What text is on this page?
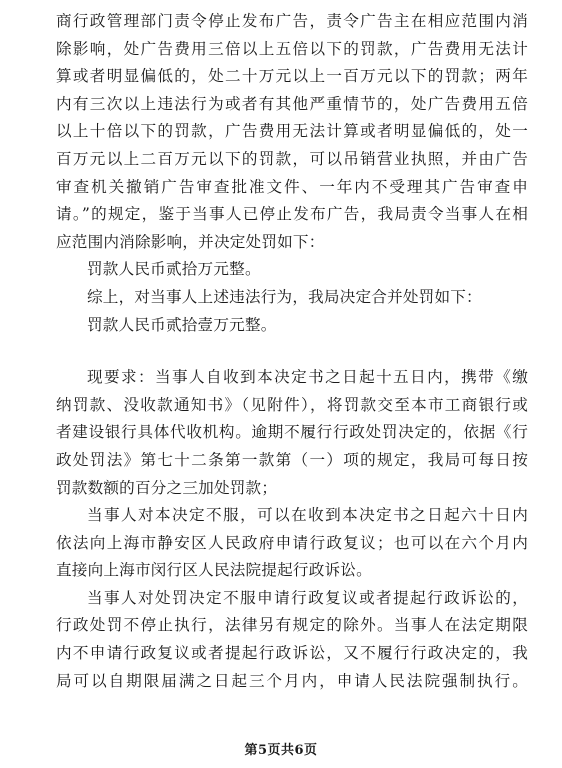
商行政管理部门责令停止发布广告，责令广告主在相应范围内消
除影响，处广告费用三倍以上五倍以下的罚款，广告费用无法计
算或者明显偏低的，处二十万元以上一百万元以下的罚款；两年
内有三次以上违法行为或者有其他严重情节的，处广告费用五倍
以上十倍以下的罚款，广告费用无法计算或者明显偏低的，处一
百万元以上二百万元以下的罚款，可以吊销营业执照，并由广告
审查机关撤销广告审查批准文件、一年内不受理其广告审查申
请。”的规定，鉴于当事人已停止发布广告，我局责令当事人在相
应范围内消除影响，并决定处罚如下：
罚款人民币贰拾万元整。
综上，对当事人上述违法行为，我局决定合并处罚如下：
罚款人民币贰拾壹万元整。
现要求：当事人自收到本决定书之日起十五日内，携带《缴
纳罚款、没收款通知书》（见附件），将罚款交至本市工商银行或
者建设银行具体代收机构。逾期不履行行政处罚决定的，依据《行
政处罚法》第七十二条第一款第（一）项的规定，我局可每日按
罚款数额的百分之三加处罚款；
当事人对本决定不服，可以在收到本决定书之日起六十日内
依法向上海市静安区人民政府申请行政复议；也可以在六个月内
直接向上海市闵行区人民法院提起行政诉讼。
当事人对处罚决定不服申请行政复议或者提起行政诉讼的，
行政处罚不停止执行，法律另有规定的除外。当事人在法定期限
内不申请行政复议或者提起行政诉讼，又不履行行政决定的，我
局可以自期限届满之日起三个月内，申请人民法院强制执行。
第5页共6页
